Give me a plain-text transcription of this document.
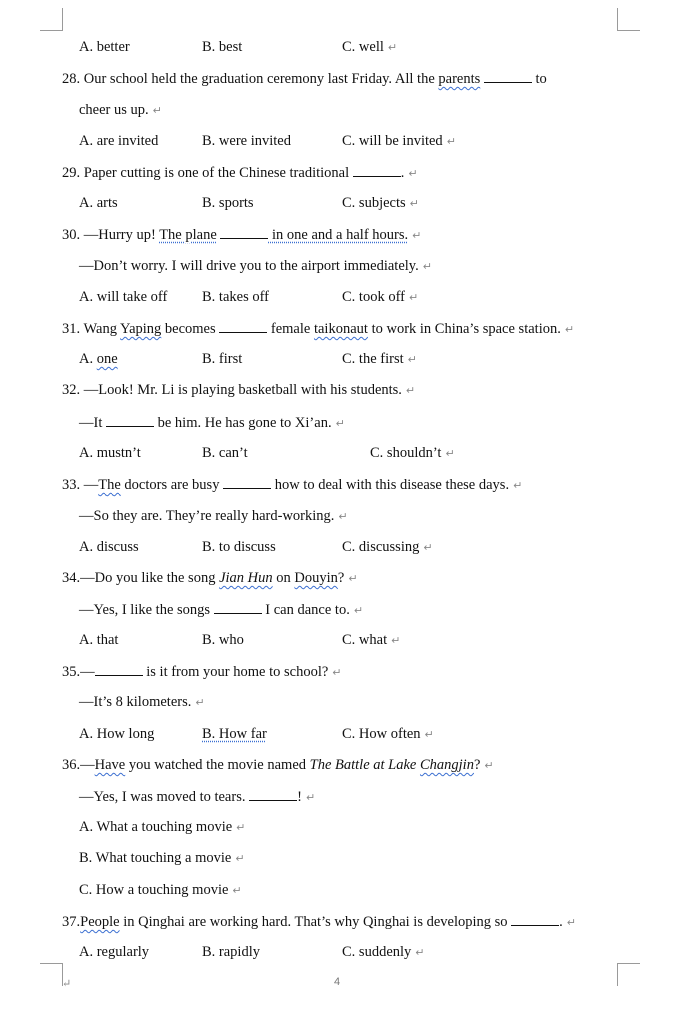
A. better	B. best	C. well ↵
28. Our school held the graduation ceremony last Friday. All the parents	to
cheer us up. ↵
A. are invited	B. were invited	C. will be invited ↵
29. Paper cutting is one of the Chinese traditional	. ↵
A. arts	B. sports	C. subjects ↵
30. —Hurry up! The plane	in one and a half hours. ↵
—Don’t worry. I will drive you to the airport immediately. ↵
A. will take off B. takes off	C. took off ↵
31. Wang Yaping becomes	female taikonaut to work in China’s space station. ↵
A. one	B. first	C. the first ↵
32. —Look! Mr. Li is playing basketball with his students. ↵
—It	be him. He has gone to Xi’an. ↵
A. mustn’t	B. can’t	C. shouldn’t ↵
33. —The doctors are busy	how to deal with this disease these days. ↵
—So they are. They’re really hard-working. ↵
A. discuss	B. to discuss	C. discussing ↵
34.—Do you like the song Jian Hun on Douyin? ↵
—Yes, I like the songs	I can dance to. ↵
A. that	B. who	C. what ↵
35.—	is it from your home to school? ↵
—It’s 8 kilometers. ↵
A. How long	B. How far	C. How often ↵
36.—Have you watched the movie named The Battle at Lake Changjin? ↵
—Yes, I was moved to tears.	! ↵
A. What a touching movie ↵
B. What touching a movie ↵
C. How a touching movie ↵
37.People in Qinghai are working hard. That’s why Qinghai is developing so	. ↵
A. regularly	B. rapidly	C. suddenly ↵
↵	4
